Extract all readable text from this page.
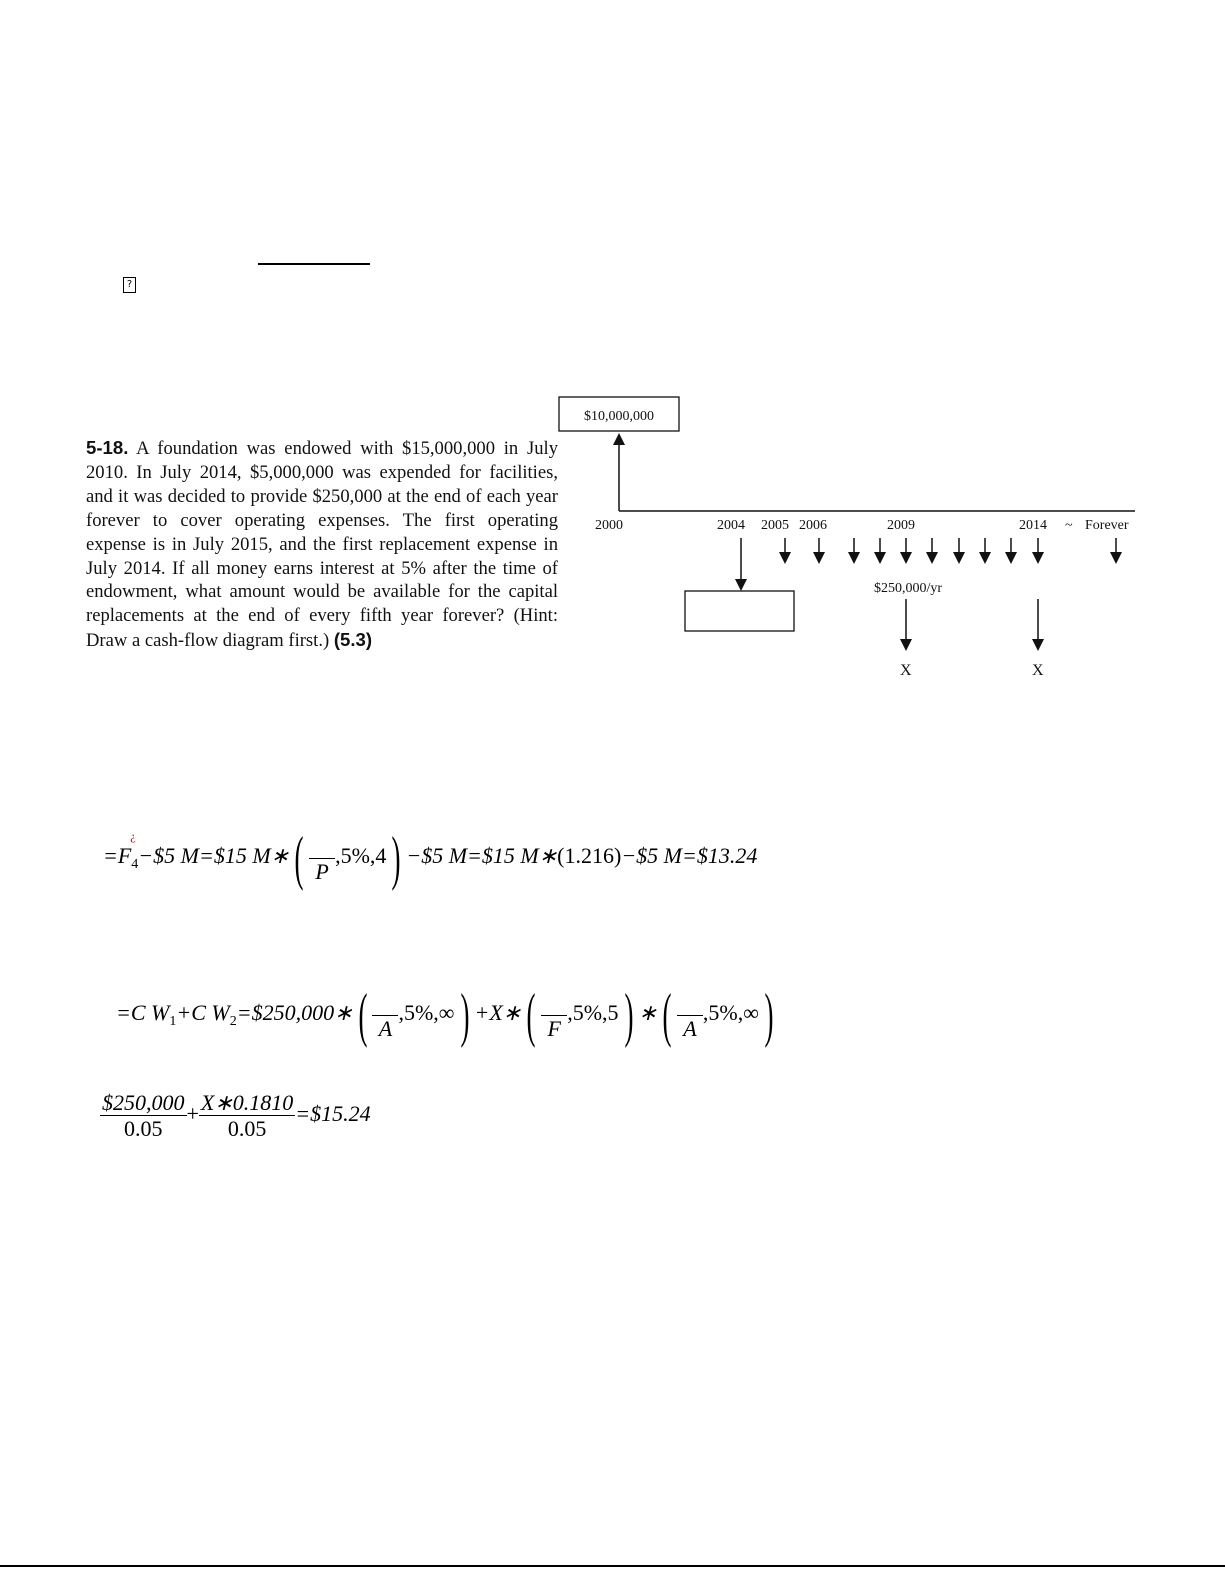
?
5-18. A foundation was endowed with $15,000,000 in July 2010. In July 2014, $5,000,000 was expended for facilities, and it was decided to provide $250,000 at the end of each year forever to cover operating expenses. The first operating expense is in July 2015, and the first replacement expense in July 2014. If all money earns interest at 5% after the time of endowment, what amount would be available for the capital replacements at the end of every fifth year forever? (Hint: Draw a cash-flow diagram first.) (5.3)
$10,000,000
2000	2004 2005 2006	2009	2014 ~ Forever
$250,000/yr
X	X
$=F_4$
¿
−$5 M=$15 M∗(
   P
,5%,4) −$5 M=$15 M∗(1.216)−$5 M=$13.24
=C $W_1+C$ $W_2=\$250,000∗$(
   A
,5%,∞) +X∗(
   F
,5%,5) ∗(
   A
,5%,∞)
$\frac{\$250,000}{0.05} + \frac{X∗0.1810}{0.05}$ =$15.24
